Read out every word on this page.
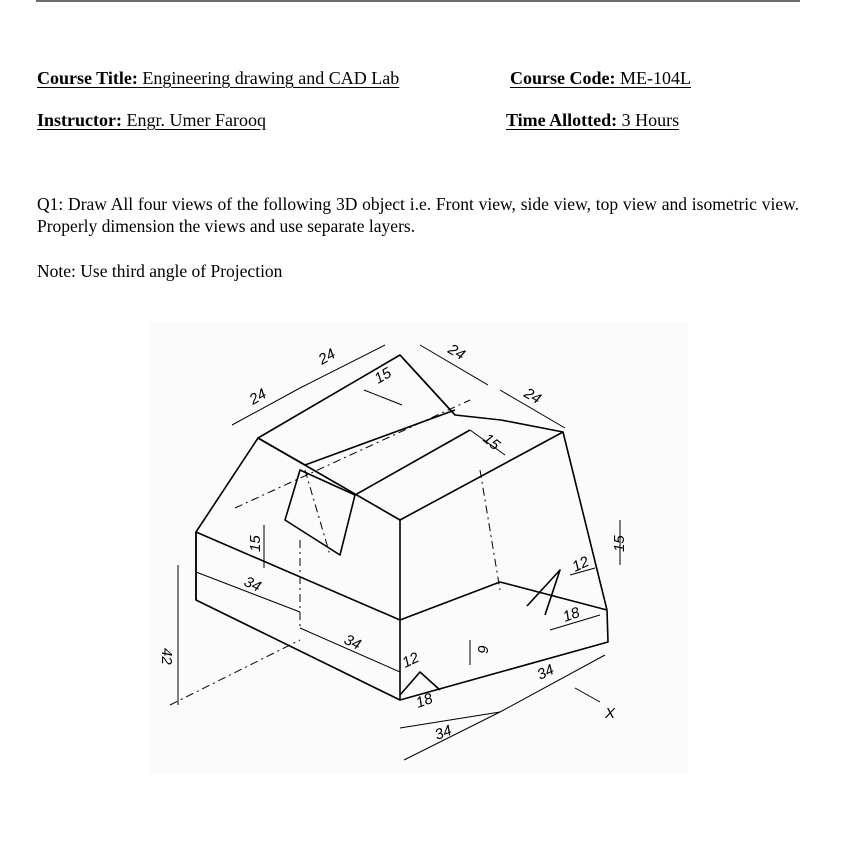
Course Title: Engineering drawing and CAD Lab	Course Code: ME-104L
Instructor: Engr. Umer Farooq	Time Allotted: 3 Hours
Q1: Draw All four views of the following 3D object i.e. Front view, side view, top view and isometric view. Properly dimension the views and use separate layers.
Note: Use third angle of Projection
24
24	24
24
15
15
15	15
34
34
34
34
12
12
18
18
6
42
X
